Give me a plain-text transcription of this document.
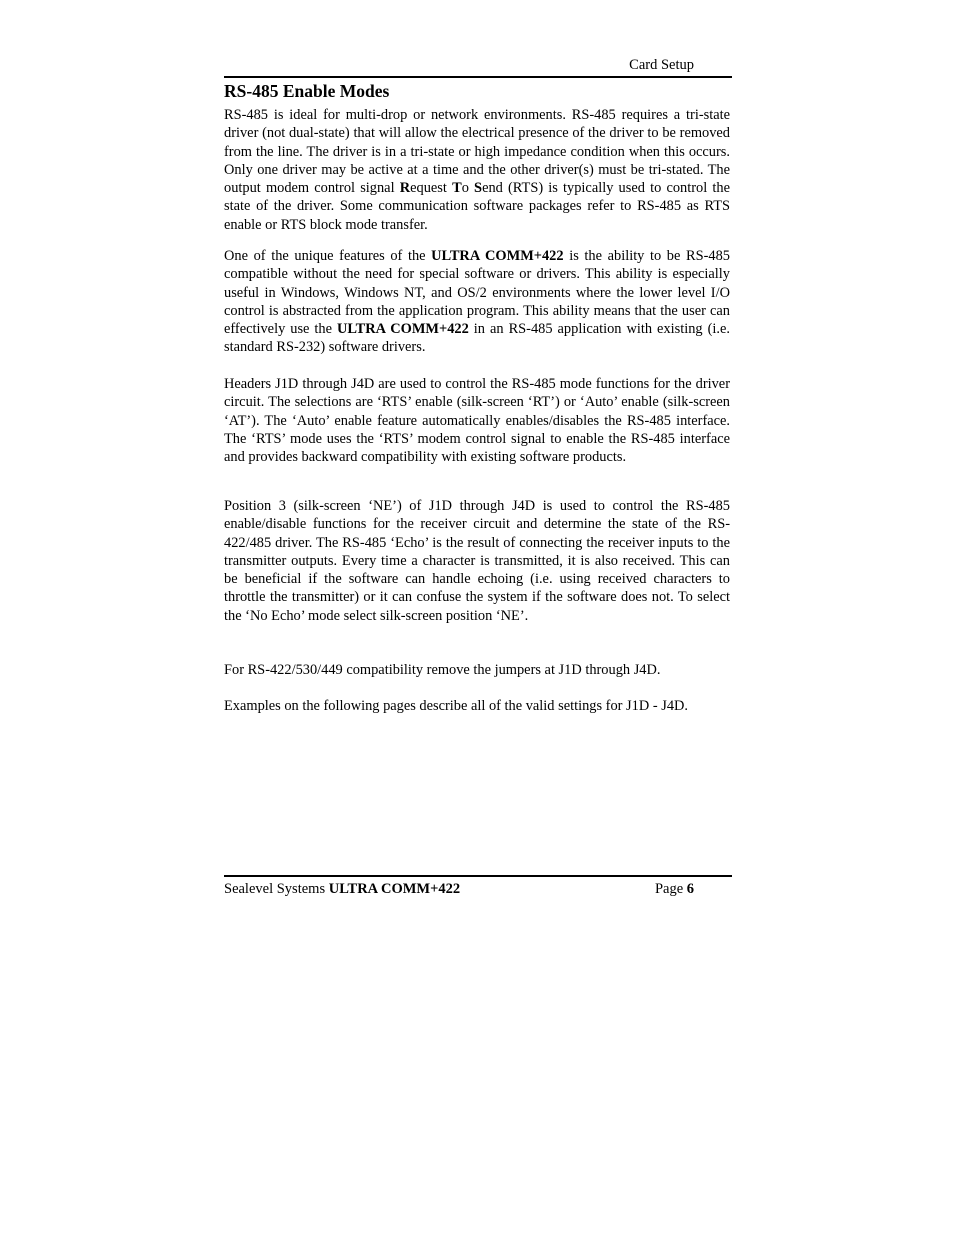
Card Setup
RS-485 Enable Modes

RS-485 is ideal for multi-drop or network environments. RS-485 requires a tri-state driver (not dual-state) that will allow the electrical presence of the driver to be removed from the line. The driver is in a tri-state or high impedance condition when this occurs. Only one driver may be active at a time and the other driver(s) must be tri-stated. The output modem control signal Request To Send (RTS) is typically used to control the state of the driver. Some communication software packages refer to RS-485 as RTS enable or RTS block mode transfer.

One of the unique features of the ULTRA COMM+422 is the ability to be RS-485 compatible without the need for special software or drivers. This ability is especially useful in Windows, Windows NT, and OS/2 environments where the lower level I/O control is abstracted from the application program. This ability means that the user can effectively use the ULTRA COMM+422 in an RS-485 application with existing (i.e. standard RS-232) software drivers.

Headers J1D through J4D are used to control the RS-485 mode functions for the driver circuit. The selections are ‘RTS’ enable (silk-screen ‘RT’) or ‘Auto’ enable (silk-screen ‘AT’). The ‘Auto’ enable feature automatically enables/disables the RS-485 interface. The ‘RTS’ mode uses the ‘RTS’ modem control signal to enable the RS-485 interface and provides backward compatibility with existing software products.

Position 3 (silk-screen ‘NE’) of J1D through J4D is used to control the RS-485 enable/disable functions for the receiver circuit and determine the state of the RS-422/485 driver. The RS-485 ‘Echo’ is the result of connecting the receiver inputs to the transmitter outputs. Every time a character is transmitted, it is also received. This can be beneficial if the software can handle echoing (i.e. using received characters to throttle the transmitter) or it can confuse the system if the software does not. To select the ‘No Echo’ mode select silk-screen position ‘NE’.

For RS-422/530/449 compatibility remove the jumpers at J1D through J4D.

Examples on the following pages describe all of the valid settings for J1D - J4D.

Sealevel Systems ULTRA COMM+422	Page 6
